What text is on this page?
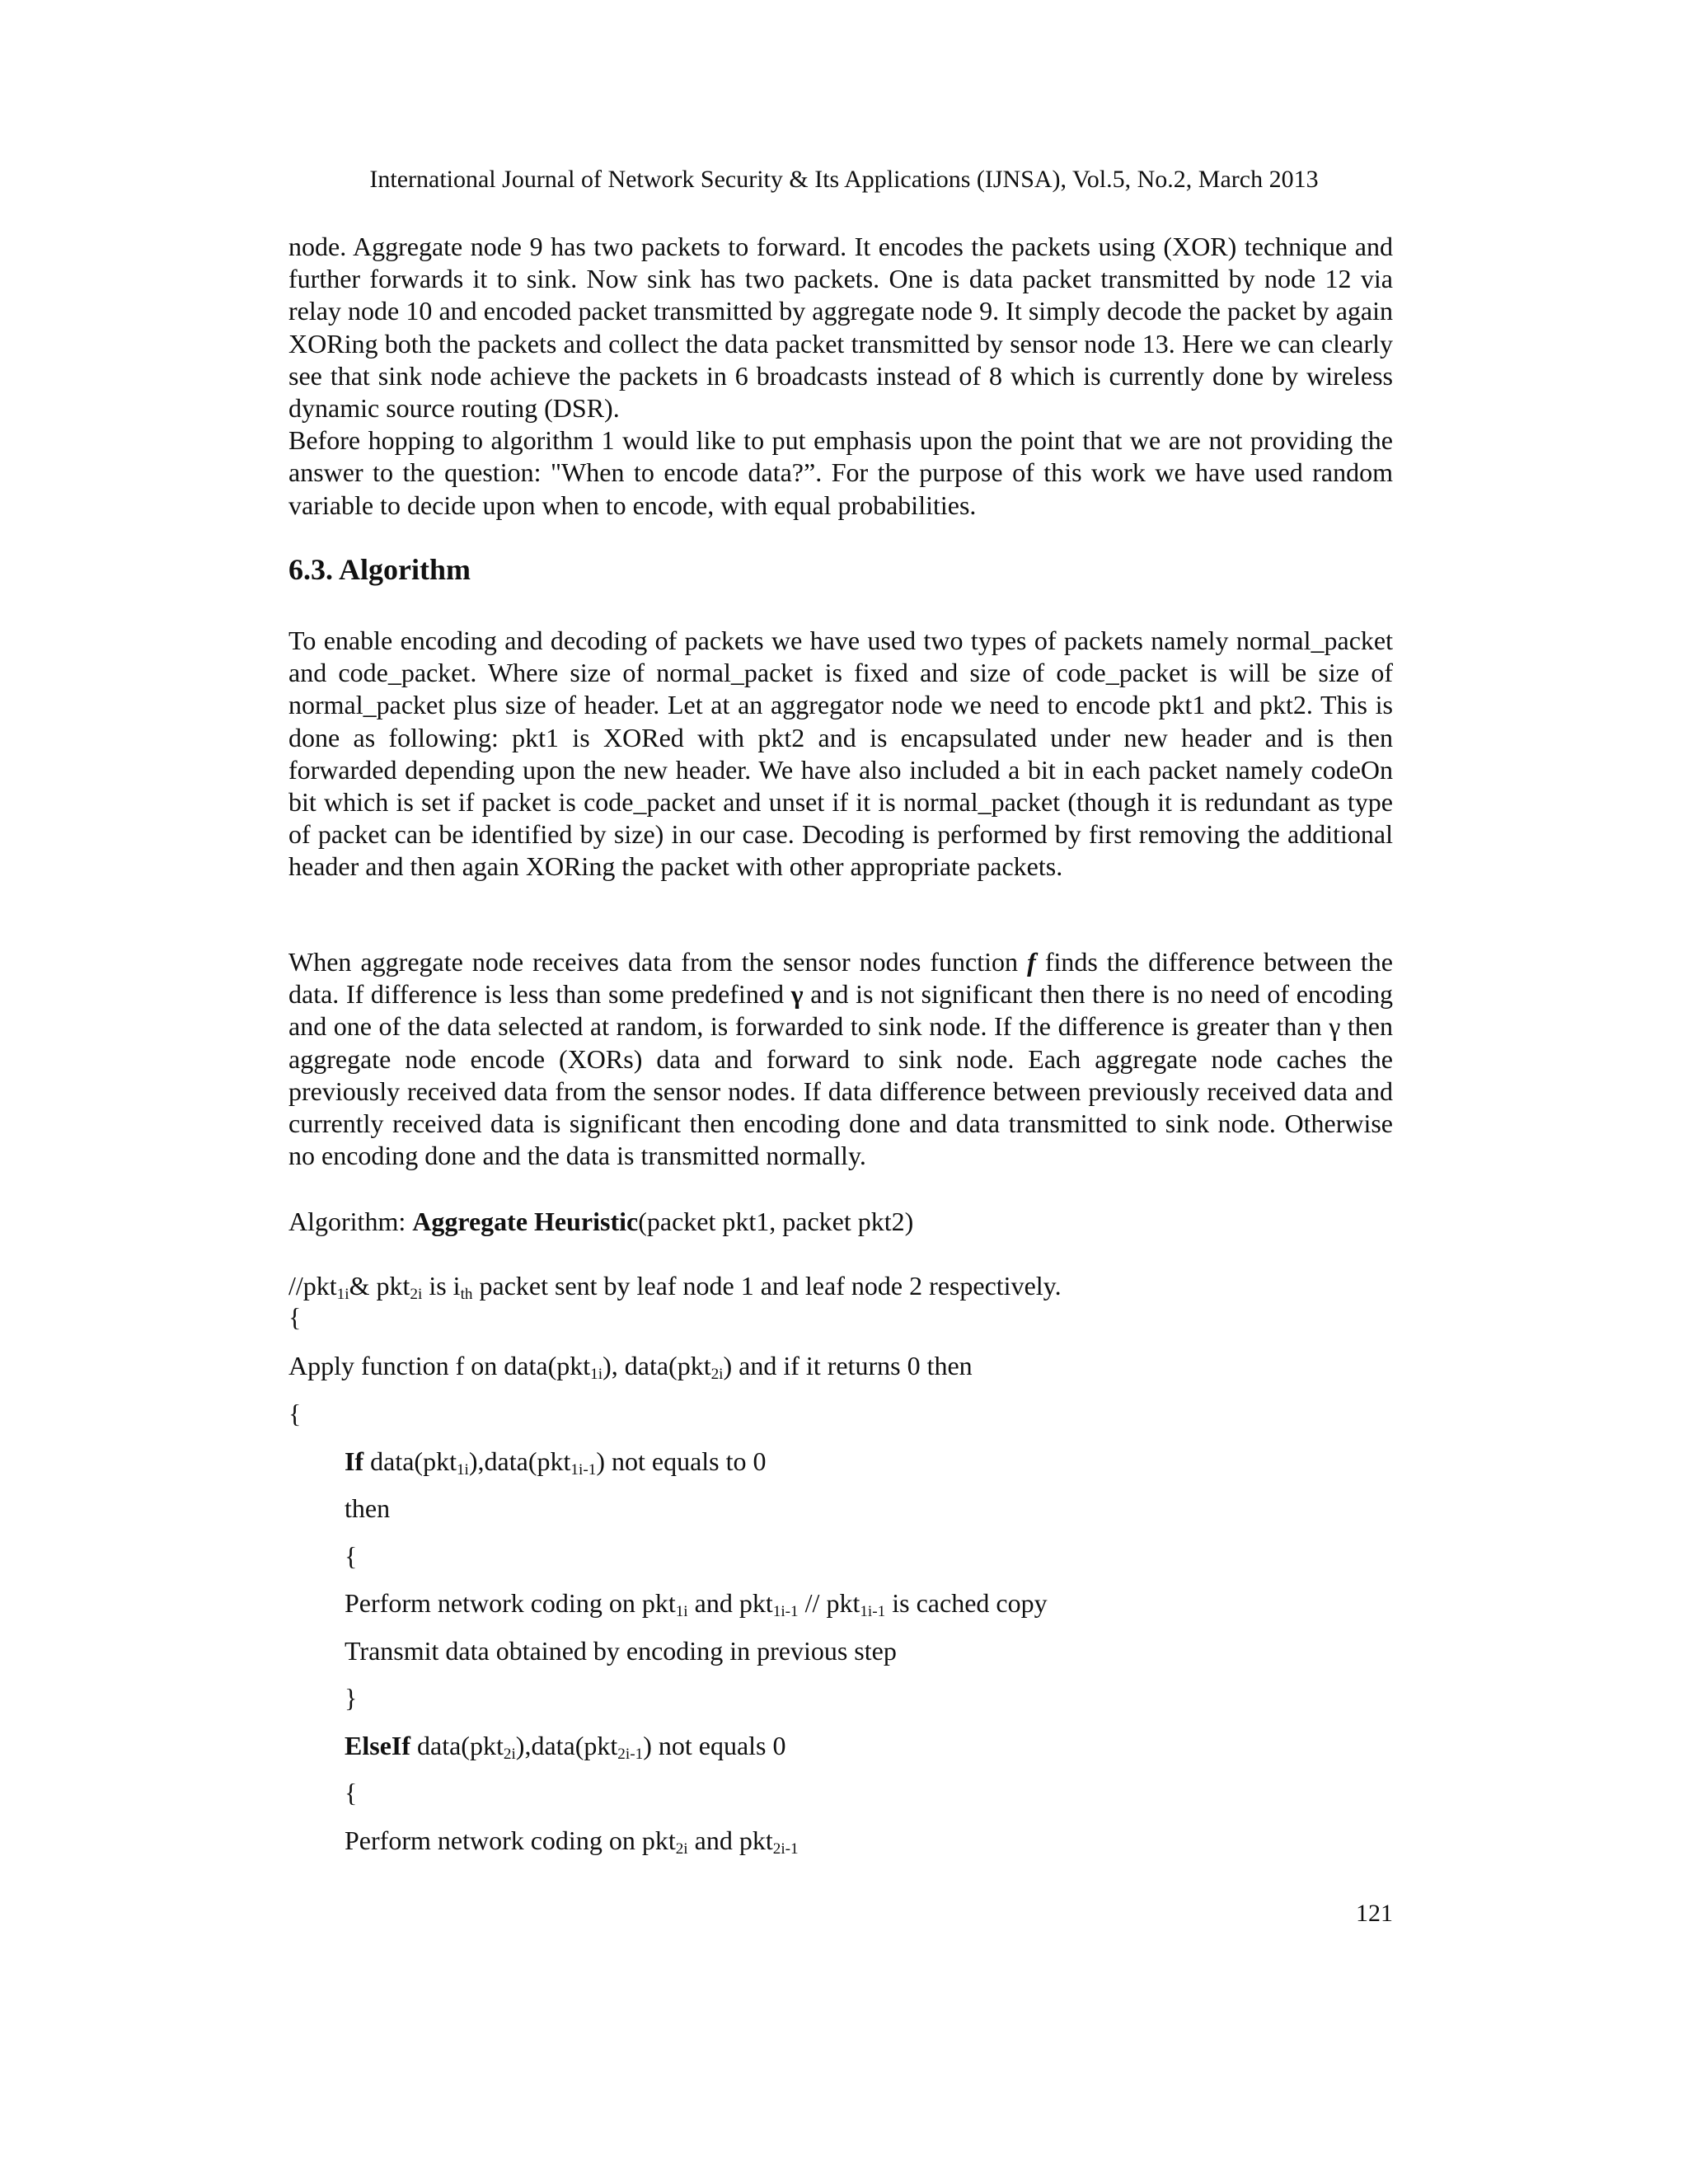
International Journal of Network Security & Its Applications (IJNSA), Vol.5, No.2, March 2013

node. Aggregate node 9 has two packets to forward. It encodes the packets using (XOR) technique and further forwards it to sink. Now sink has two packets. One is data packet transmitted by node 12 via relay node 10 and encoded packet transmitted by aggregate node 9. It simply decode the packet by again XORing both the packets and collect the data packet transmitted by sensor node 13. Here we can clearly see that sink node achieve the packets in 6 broadcasts instead of 8 which is currently done by wireless dynamic source routing (DSR).
Before hopping to algorithm 1 would like to put emphasis upon the point that we are not providing the answer to the question: "When to encode data?”. For the purpose of this work we have used random variable to decide upon when to encode, with equal probabilities.

6.3. Algorithm

To enable encoding and decoding of packets we have used two types of packets namely normal_packet and code_packet. Where size of normal_packet is fixed and size of code_packet is will be size of normal_packet plus size of header. Let at an aggregator node we need to encode pkt1 and pkt2. This is done as following: pkt1 is XORed with pkt2 and is encapsulated under new header and is then forwarded depending upon the new header. We have also included a bit in each packet namely codeOn bit which is set if packet is code_packet and unset if it is normal_packet (though it is redundant as type of packet can be identified by size) in our case. Decoding is performed by first removing the additional header and then again XORing the packet with other appropriate packets.

When aggregate node receives data from the sensor nodes function f finds the difference between the data. If difference is less than some predefined γ and is not significant then there is no need of encoding and one of the data selected at random, is forwarded to sink node. If the difference is greater than γ then aggregate node encode (XORs) data and forward to sink node. Each aggregate node caches the previously received data from the sensor nodes. If data difference between previously received data and currently received data is significant then encoding done and data transmitted to sink node. Otherwise no encoding done and the data is transmitted normally.

Algorithm: Aggregate Heuristic(packet pkt1, packet pkt2)
//pkt$_{1i}$& pkt$_{2i}$ is $i_{th}$ packet sent by leaf node 1 and leaf node 2 respectively.
{
Apply function f on data(pkt$_{1i}$), data(pkt$_{2i}$) and if it returns 0 then
{
If data(pkt$_{1i}$),data(pkt$_{1i-1}$) not equals to 0
then
{
Perform network coding on pkt$_{1i}$ and pkt$_{1i-1}$ // pkt$_{1i-1}$ is cached copy
Transmit data obtained by encoding in previous step
}
ElseIf data(pkt$_{2i}$),data(pkt$_{2i-1}$) not equals 0
{
Perform network coding on pkt$_{2i}$ and pkt$_{2i-1}$
121
